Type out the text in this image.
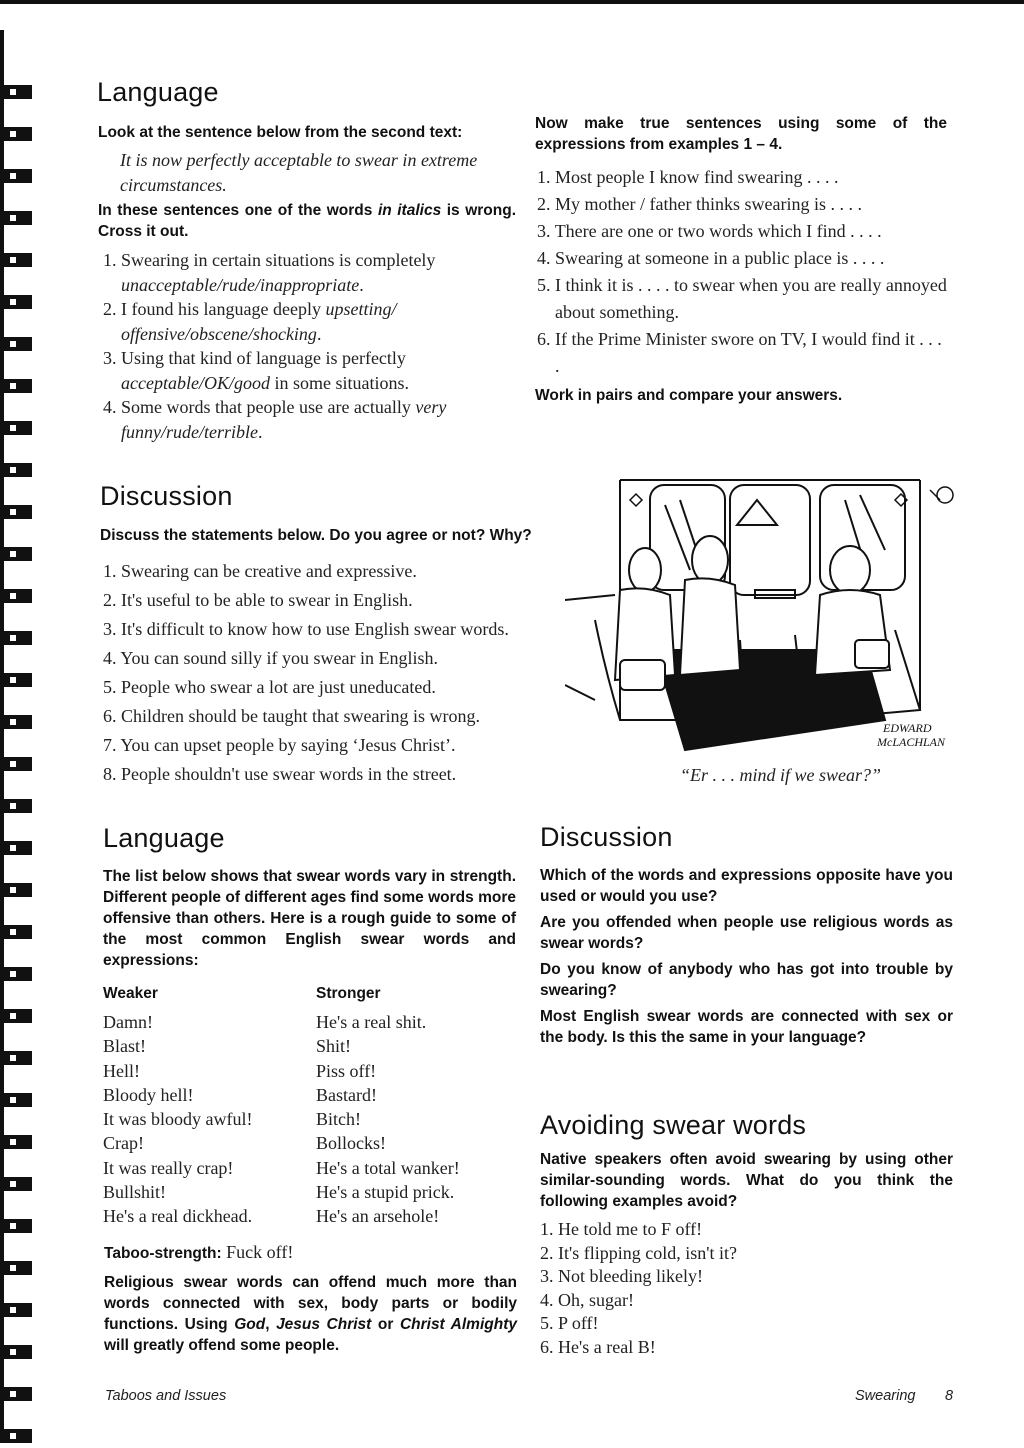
Language

Look at the sentence below from the second text:

It is now perfectly acceptable to swear in extreme circumstances.

In these sentences one of the words in italics is wrong. Cross it out.

1. Swearing in certain situations is completely unacceptable/rude/inappropriate.
2. I found his language deeply upsetting/ offensive/obscene/shocking.
3. Using that kind of language is perfectly acceptable/OK/good in some situations.
4. Some words that people use are actually very funny/rude/terrible.

Now make true sentences using some of the expressions from examples 1 – 4.

1. Most people I know find swearing . . . .
2. My mother / father thinks swearing is . . . .
3. There are one or two words which I find . . . .
4. Swearing at someone in a public place is . . . .
5. I think it is . . . . to swear when you are really annoyed about something.
6. If the Prime Minister swore on TV, I would find it . . . .

Work in pairs and compare your answers.

Discussion

Discuss the statements below. Do you agree or not? Why?

1. Swearing can be creative and expressive.
2. It's useful to be able to swear in English.
3. It's difficult to know how to use English swear words.
4. You can sound silly if you swear in English.
5. People who swear a lot are just uneducated.
6. Children should be taught that swearing is wrong.
7. You can upset people by saying ‘Jesus Christ’.
8. People shouldn't use swear words in the street.
EDWARD McLACHLAN
“Er . . . mind if we swear?”
Language

The list below shows that swear words vary in strength. Different people of different ages find some words more offensive than others. Here is a rough guide to some of the most common English swear words and expressions:

Weaker
Damn!
Blast!
Hell!
Bloody hell!
It was bloody awful!
Crap!
It was really crap!
Bullshit!
He's a real dickhead.
Stronger
He's a real shit.
Shit!
Piss off!
Bastard!
Bitch!
Bollocks!
He's a total wanker!
He's a stupid prick.
He's an arsehole!

Taboo-strength: Fuck off!

Religious swear words can offend much more than words connected with sex, body parts or bodily functions. Using God, Jesus Christ or Christ Almighty will greatly offend some people.

Discussion

Which of the words and expressions opposite have you used or would you use?

Are you offended when people use religious words as swear words?

Do you know of anybody who has got into trouble by swearing?

Most English swear words are connected with sex or the body. Is this the same in your language?

Avoiding swear words

Native speakers often avoid swearing by using other similar-sounding words. What do you think the following examples avoid?

1. He told me to F off!
2. It's flipping cold, isn't it?
3. Not bleeding likely!
4. Oh, sugar!
5. P off!
6. He's a real B!
Taboos and Issues	Swearing 8
